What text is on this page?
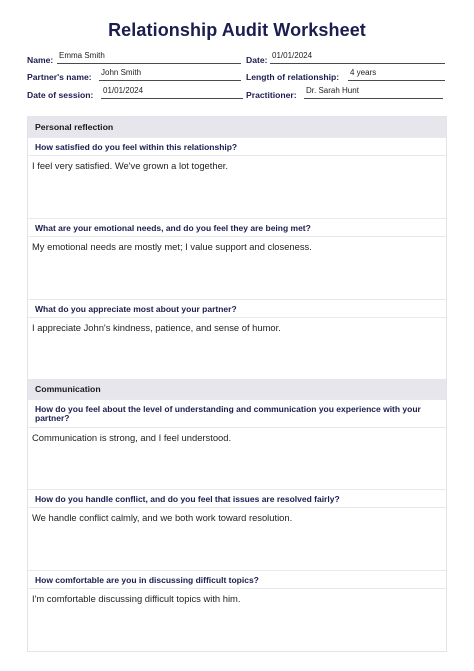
Relationship Audit Worksheet
Name: Emma Smith	Date: 01/01/2024
Partner's name: John Smith	Length of relationship: 4 years
Date of session: 01/01/2024	Practitioner: Dr. Sarah Hunt
Personal reflection
How satisfied do you feel within this relationship?
I feel very satisfied. We've grown a lot together.
What are your emotional needs, and do you feel they are being met?
My emotional needs are mostly met; I value support and closeness.
What do you appreciate most about your partner?
I appreciate John's kindness, patience, and sense of humor.
Communication
How do you feel about the level of understanding and communication you experience with your partner?
Communication is strong, and I feel understood.
How do you handle conflict, and do you feel that issues are resolved fairly?
We handle conflict calmly, and we both work toward resolution.
How comfortable are you in discussing difficult topics?
I'm comfortable discussing difficult topics with him.
